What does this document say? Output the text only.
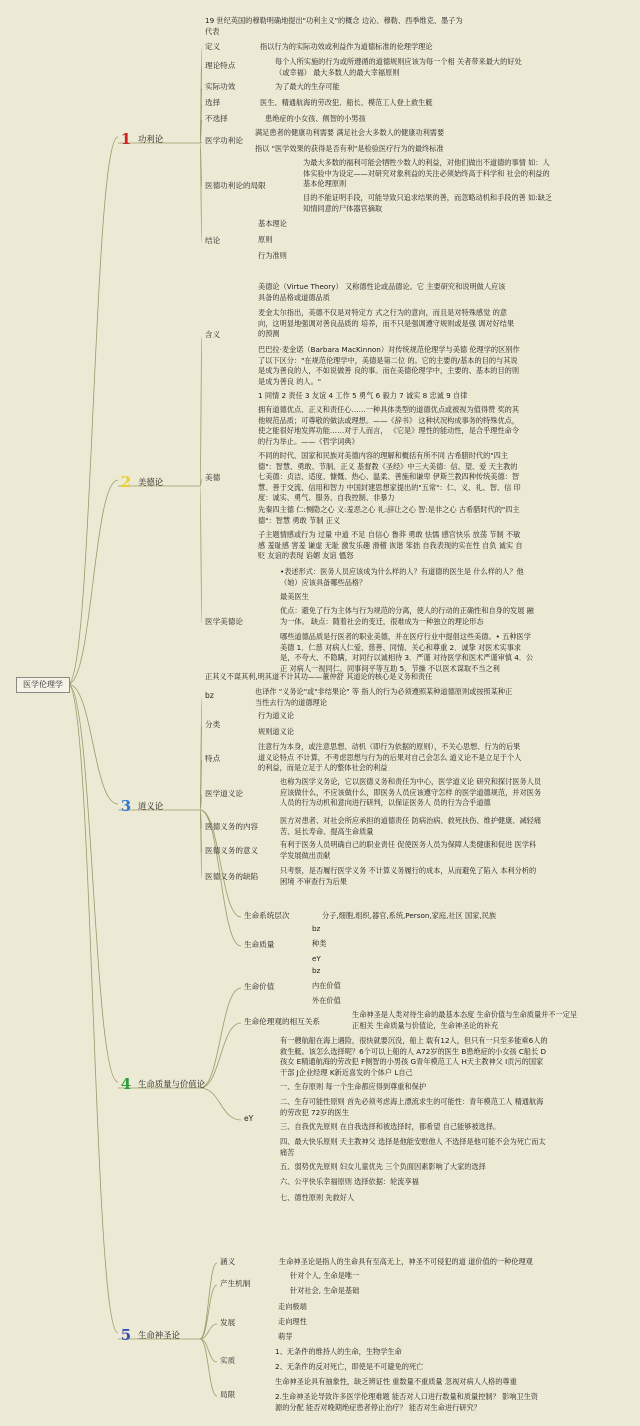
医学伦理学
1 功利论
2 美德论
3 道义论
4 生命质量与价值论
5 生命神圣论
19 世纪英国的穆勒明确地提出"功利主义"的概念 边沁、穆勒、西季维克、墨子为代表
定义	指以行为的实际功效或利益作为道德标准的伦理学理论
理论特点	每个人所实施的行为或所遵循的道德规则应该为每一个相 关者带来最大的好处（或幸福） 最大多数人的最大幸福原则
实际功效	为了最大的生存可能
选择	医生、精通航海的劳改犯、船长、模范工人登上救生艇
不选择	患绝症的小女孩、侧智的小男孩
医学功利论
满足患者的健康功利需要 满足社会大多数人的健康功利需要
指以 "医学效果的获得是否有利"是检验医疗行为的最终标准
医德功利论的局限
为最大多数的福利可能会牺牲少数人的利益，对他们做出不道德的事情 如：人体实验中为设定——对研究对象利益的关注必须始终高于科学和 社会的利益的基本伦理原则
目的不能证明手段，可能导致只追求结果的善，而忽略动机和手段的善 如:缺乏知情同意的尸体器官摘取
结论
基本理论
原则
行为准则
含义
美德论（Virtue Theory） 又称德性论或品德论。它 主要研究和说明做人应该 具备的品格或道德品质
麦金太尔指出，美德不仅是对特定方 式之行为的意向，而且是对特殊感觉 的意向，这明显地强调对善良品质的 培养，而不只是强调遵守规则或是强 调对好结果的预测
巴巴拉·麦金诺（Barbara MacKinnon）对传统规范伦理学与美德 伦理学的区别作了以下区分："在规范伦理学中，美德是第二位 的。它的主要的/基本的目的与其说是成为善良的人，不如说做善 良的事。而在美德伦理学中，主要的、基本的目的则是成为善良 的人。"
美德
1 同情 2 责任 3 友谊 4 工作 5 勇气 6 毅力 7 诚实 8 忠诚 9 自律
拥有道德优点、正义和责任心……一种具体类型的道德优点或被视为值得赞 奖的其他规范品质；可尊敬的做法或理想。——《辞书》 这种状况构成事务的特殊优点，使之能很好地发挥功能……对于人而言， 《它是》理性的能动性，是合乎理性命令的行为举止。——《哲学词典》
不同的时代、国家和民族对美德内容的理解和概括有所不同 古希腊时代的"四主德"：智慧、勇敢、节制、正义 基督教《圣经》中三大美德：信、望、爱 天主教的七美德：贞洁、适度、慷慨、热心、温柔、善施和谦卑 伊斯兰教四种传统美德：智慧、善于交流、信用和智力 中国封建思想家提出的"五常"：仁、义、礼、智、信 印度：诚实、勇气、服务、自我控制、非暴力
先秦四主德 仁:恻隐之心 义:羞恶之心 礼:辞让之心 智:是非之心 古希腊时代的"四主德"：智慧 勇敢 节制 正义
子主题情感或行为 过量 中道 不足 自信心 鲁莽 勇敢 怯懦 感官快乐 放荡 节制 不敏感 羞耻感 害羞 谦虚 无耻 激发乐趣 滑稽 诙谐 笨拙 自我表现的实在性 自负 诚实 自贬 友谊的表现 谄媚 友谊 慍怒
医学美德论
•表述形式：医务人员应该成为什么样的人？有道德的医生是 什么样的人？他（她）应该具备哪些品格？
最美医生
优点：避免了行为主体与行为规范的分离，使人的行动的正确性和自身的发展 融为一体。 缺点：随着社会的变迁，很难成为一种独立的理论形态
哪些道德品质是行医者的职业美德，并在医疗行业中提倡这些美德。• 五种医学美德 1．仁慈 对病人仁爱、慈善、同情、关心和尊重 2．诚挚 对医术实事求是，不夸大、不隐瞒，对同行以诚相待 3．严谨 对待医学和医术严谨审慎 4．公正 对病人一视同仁，同事间平等互助 5．节操 不以医术谋取不当之利
正其义不谋其利,明其道不计其功——董仲舒 其道论的核心是义务和责任
bz	也译作 "义务论"或"非结果论" 等 指人的行为必须遵照某种道德原则或按照某种正当性去行为的道德理论
分类
行为道义论
规则道义论
特点
注意行为本身，或注意思想、动机（即行为依据的原则），不关心思想、行为的后果 道义论特点 不计算，不考虑思想与行为的后果对自己会怎么 道义论不是立足于个人的利益，而是立足于人的整体社会的利益
医学道义论
也称为医学义务论，它以医德义务和责任为中心，医学道义论 研究和探讨医务人员应该做什么，不应该做什么，即医务人员应该遵守怎样 的医学道德规范，并对医务人员的行为动机和意向进行研判，以保证医务人 员的行为合乎道德
医德义务的内容
医方对患者、对社会所应承担的道德责任 防病治病、救死扶伤、维护健康、减轻痛苦、延长寿命、提高生命质量
医德义务的意义
有利于医务人员明确自己的职业责任 促使医务人员为保障人类健康和促进 医学科学发展做出贡献
医德义务的缺陷
只考察，是否履行医学义务 不计算义务履行的成本，从而避免了陷入 本利分析的困境 不审查行为后果
生命系统层次	分子,细胞,组织,器官,系统,Person,家庭,社区 国家,民族
生命质量
bz
种类
eY
生命价值
bz
内在价值
外在价值
生命伦理观的相互关系
生命神圣是人类对待生命的最基本态度 生命价值与生命质量并不一定呈正相关 生命质量与价值论，生命神圣论的补充
eY
有一艘航船在海上遇险，很快就要沉没，船上 载有12人，但只有一只至多能乘6人的救生艇。该怎么选择呢？6个可以上船的人 A72岁的医生 B患绝症的小女孩 C船长 D孩女 E精通航海的劳改犯 F侧智的小男孩 G青年模范工人 H天主教神父 I贡污的国家干部 J企业经理 K新近喜发的个体户 L自己
一、生存原则 每一个生命都应得到尊重和保护
二、生存可能性原则 首先必须考虑海上漂流求生的可能性：青年模范工人 精通航海的劳改犯 72岁的医生
三、自我优先原则 在自我选择和被选择时，都希望 自己能够被选择。
四、最大快乐原则 天主教神父 选择是他能安慰他人 不选择是他可能不会为死亡而太痛苦
五、弱势优先原则 妇女儿童优先 三个负面因素影响了大家的选择
六、公平快乐幸福原则 选择依据：轮流享福
七、德性原则 先救好人
涵义	生命神圣论是指人的生命具有至高无上，神圣不可侵犯的道 道价值的一种伦理观
产生机制
针对个人, 生命是唯一
针对社会, 生命是基础
发展
走向极端
走向理性
萌芽
实质
1、无条件的维持人的生命，生物学生命
2、无条件的反对死亡，即使是不可避免的死亡
局限
生命神圣论具有抽象性，缺乏辨证性 重数量不重质量 忽视对病人人格的尊重
2.生命神圣论导致许多医学伦理难题 能否对人口进行数量和质量控制？ 影响卫生资源的分配 能否对晚期绝症患者停止治疗？ 能否对生命进行研究？
